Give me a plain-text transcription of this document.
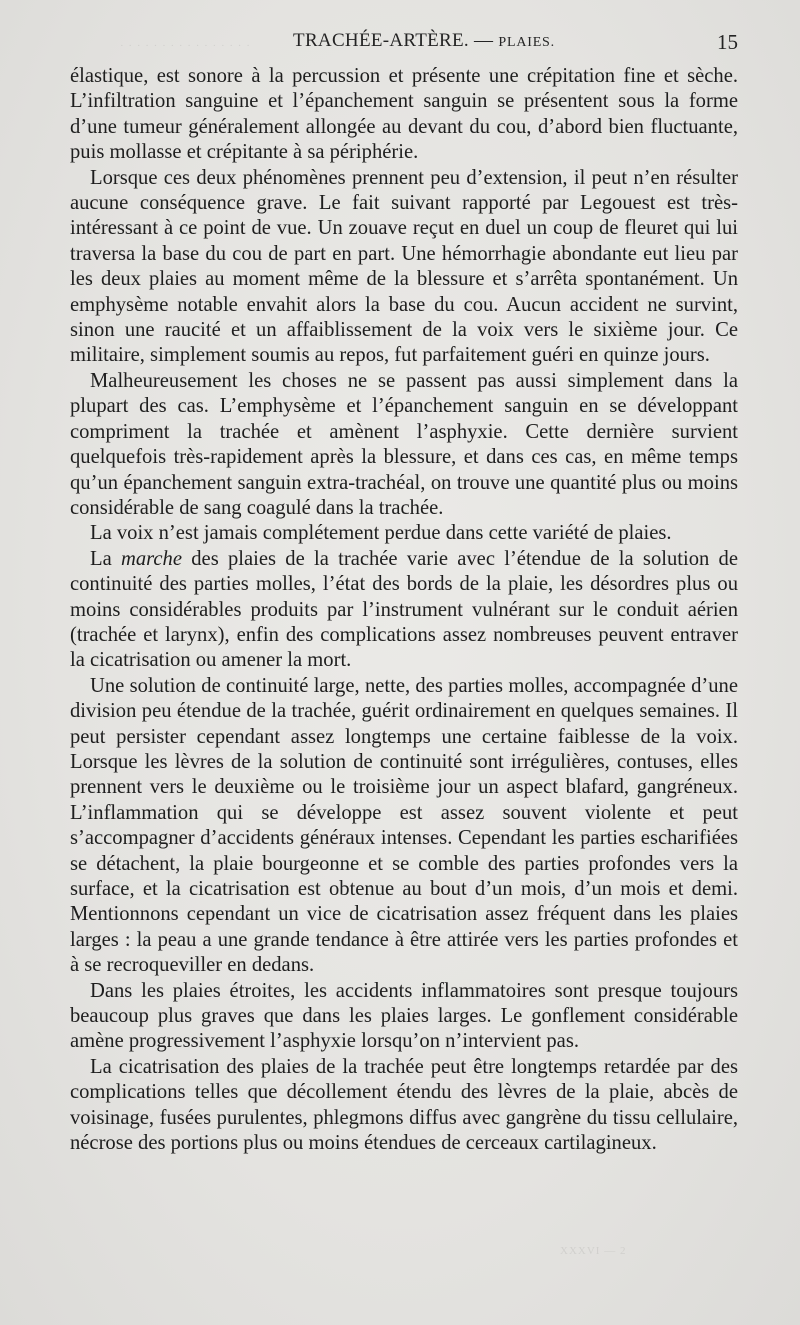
· · · · · · · · · · · · · · · ·	TRACHÉE-ARTÈRE. — PLAIES.	15

élastique, est sonore à la percussion et présente une crépitation fine et sèche. L’infiltration sanguine et l’épanchement sanguin se présentent sous la forme d’une tumeur généralement allongée au devant du cou, d’abord bien fluctuante, puis mollasse et crépitante à sa périphérie.

Lorsque ces deux phénomènes prennent peu d’extension, il peut n’en résulter aucune conséquence grave. Le fait suivant rapporté par Legouest est très-intéressant à ce point de vue. Un zouave reçut en duel un coup de fleuret qui lui traversa la base du cou de part en part. Une hémorrhagie abondante eut lieu par les deux plaies au moment même de la blessure et s’arrêta spontanément. Un emphysème notable envahit alors la base du cou. Aucun accident ne survint, sinon une raucité et un affaiblissement de la voix vers le sixième jour. Ce militaire, simplement soumis au repos, fut parfaitement guéri en quinze jours.

Malheureusement les choses ne se passent pas aussi simplement dans la plupart des cas. L’emphysème et l’épanchement sanguin en se développant compriment la trachée et amènent l’asphyxie. Cette dernière survient quelquefois très-rapidement après la blessure, et dans ces cas, en même temps qu’un épanchement sanguin extra-trachéal, on trouve une quantité plus ou moins considérable de sang coagulé dans la trachée.

La voix n’est jamais complétement perdue dans cette variété de plaies.

La marche des plaies de la trachée varie avec l’étendue de la solution de continuité des parties molles, l’état des bords de la plaie, les désordres plus ou moins considérables produits par l’instrument vulnérant sur le conduit aérien (trachée et larynx), enfin des complications assez nombreuses peuvent entraver la cicatrisation ou amener la mort.

Une solution de continuité large, nette, des parties molles, accompagnée d’une division peu étendue de la trachée, guérit ordinairement en quelques semaines. Il peut persister cependant assez longtemps une certaine faiblesse de la voix. Lorsque les lèvres de la solution de continuité sont irrégulières, contuses, elles prennent vers le deuxième ou le troisième jour un aspect blafard, gangréneux. L’inflammation qui se développe est assez souvent violente et peut s’accompagner d’accidents généraux intenses. Cependant les parties escharifiées se détachent, la plaie bourgeonne et se comble des parties profondes vers la surface, et la cicatrisation est obtenue au bout d’un mois, d’un mois et demi. Mentionnons cependant un vice de cicatrisation assez fréquent dans les plaies larges : la peau a une grande tendance à être attirée vers les parties profondes et à se recroqueviller en dedans.

Dans les plaies étroites, les accidents inflammatoires sont presque toujours beaucoup plus graves que dans les plaies larges. Le gonflement considérable amène progressivement l’asphyxie lorsqu’on n’intervient pas.

La cicatrisation des plaies de la trachée peut être longtemps retardée par des complications telles que décollement étendu des lèvres de la plaie, abcès de voisinage, fusées purulentes, phlegmons diffus avec gangrène du tissu cellulaire, nécrose des portions plus ou moins étendues de cerceaux cartilagineux.

XXXVI — 2
